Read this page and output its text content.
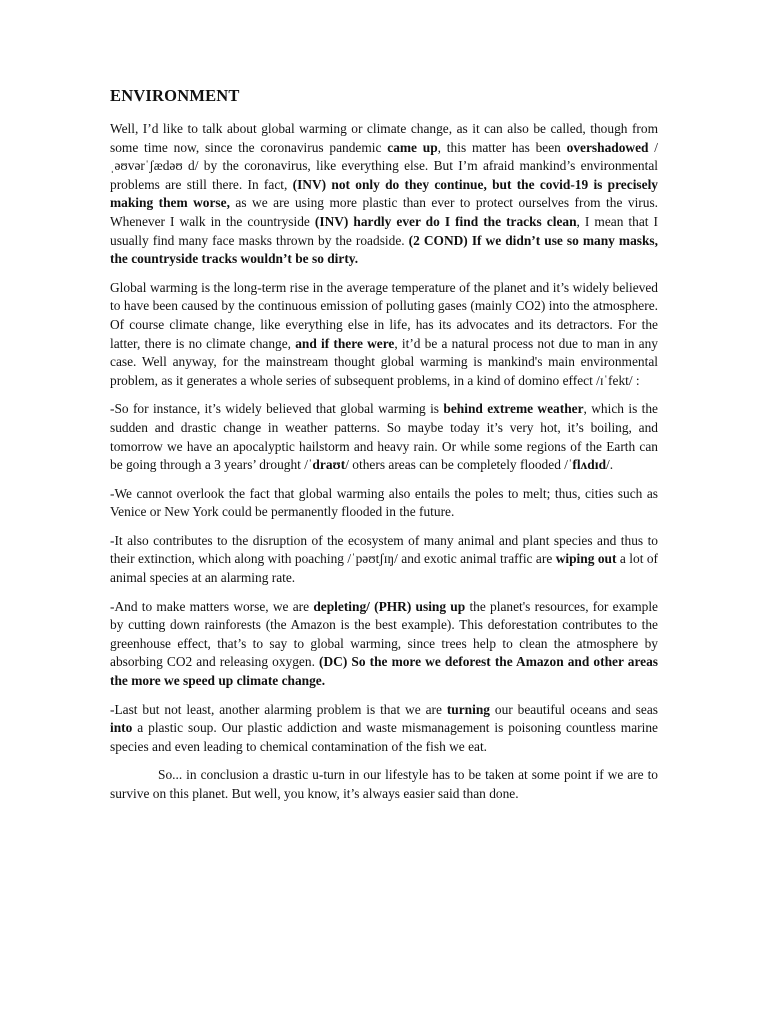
ENVIRONMENT

Well, I’d like to talk about global warming or climate change, as it can also be called, though from some time now, since the coronavirus pandemic came up, this matter has been overshadowed /ˌəʊvərˈʃædəʊ d/ by the coronavirus, like everything else. But I’m afraid mankind’s environmental problems are still there. In fact, (INV) not only do they continue, but the covid-19 is precisely making them worse, as we are using more plastic than ever to protect ourselves from the virus. Whenever I walk in the countryside (INV) hardly ever do I find the tracks clean, I mean that I usually find many face masks thrown by the roadside. (2 COND) If we didn’t use so many masks, the countryside tracks wouldn’t be so dirty.

Global warming is the long-term rise in the average temperature of the planet and it’s widely believed to have been caused by the continuous emission of polluting gases (mainly CO2) into the atmosphere. Of course climate change, like everything else in life, has its advocates and its detractors. For the latter, there is no climate change, and if there were, it’d be a natural process not due to man in any case. Well anyway, for the mainstream thought global warming is mankind's main environmental problem, as it generates a whole series of subsequent problems, in a kind of domino effect /ɪˈfekt/ :

-So for instance, it’s widely believed that global warming is behind extreme weather, which is the sudden and drastic change in weather patterns. So maybe today it’s very hot, it’s boiling, and tomorrow we have an apocalyptic hailstorm and heavy rain. Or while some regions of the Earth can be going through a 3 years’ drought /ˈdraʊt/ others areas can be completely flooded /ˈflʌdɪd/.

-We cannot overlook the fact that global warming also entails the poles to melt; thus, cities such as Venice or New York could be permanently flooded in the future.

-It also contributes to the disruption of the ecosystem of many animal and plant species and thus to their extinction, which along with poaching /ˈpəʊtʃɪŋ/ and exotic animal traffic are wiping out a lot of animal species at an alarming rate.

-And to make matters worse, we are depleting/ (PHR) using up the planet's resources, for example by cutting down rainforests (the Amazon is the best example). This deforestation contributes to the greenhouse effect, that’s to say to global warming, since trees help to clean the atmosphere by absorbing CO2 and releasing oxygen. (DC) So the more we deforest the Amazon and other areas the more we speed up climate change.

-Last but not least, another alarming problem is that we are turning our beautiful oceans and seas into a plastic soup. Our plastic addiction and waste mismanagement is poisoning countless marine species and even leading to chemical contamination of the fish we eat.

So... in conclusion a drastic u-turn in our lifestyle has to be taken at some point if we are to survive on this planet. But well, you know, it’s always easier said than done.
